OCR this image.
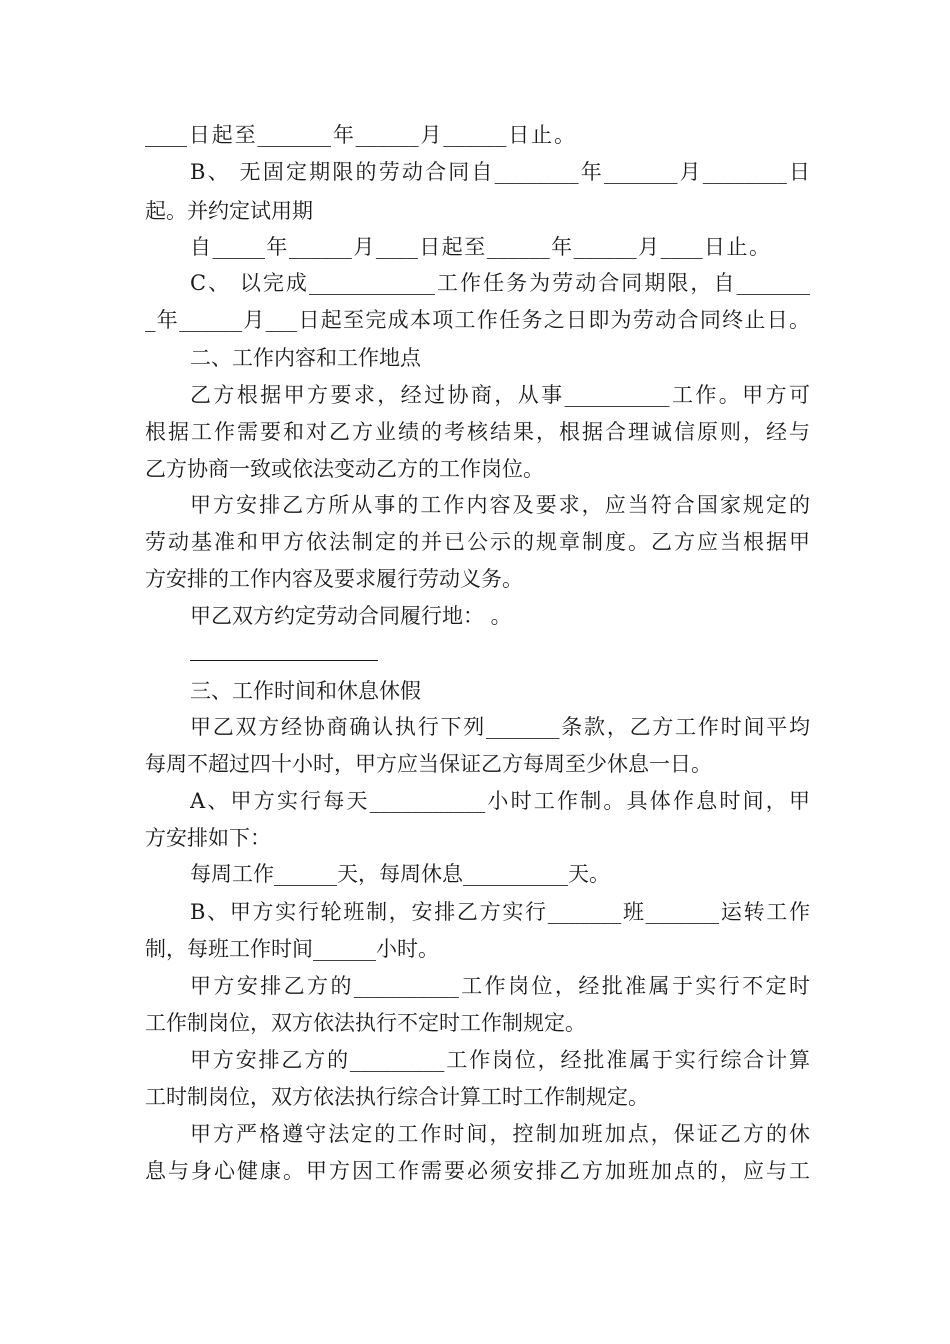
____日起至_______年______月______日止。
B、 无固定期限的劳动合同自________年_______月________日
起。并约定试用期
自_____年______月____日起至______年______月____日止。
C、 以完成____________工作任务为劳动合同期限，自_______
_年______月___日起至完成本项工作任务之日即为劳动合同终止日。
二、工作内容和工作地点
乙方根据甲方要求，经过协商，从事__________工作。甲方可
根据工作需要和对乙方业绩的考核结果，根据合理诚信原则，经与
乙方协商一致或依法变动乙方的工作岗位。
甲方安排乙方所从事的工作内容及要求，应当符合国家规定的
劳动基准和甲方依法制定的并已公示的规章制度。乙方应当根据甲
方安排的工作内容及要求履行劳动义务。
甲乙双方约定劳动合同履行地： 。
三、工作时间和休息休假
甲乙双方经协商确认执行下列_______条款，乙方工作时间平均
每周不超过四十小时，甲方应当保证乙方每周至少休息一日。
A、甲方实行每天___________小时工作制。具体作息时间，甲
方安排如下：
每周工作______天，每周休息__________天。
B、甲方实行轮班制，安排乙方实行_______班_______运转工作
制，每班工作时间______小时。
甲方安排乙方的__________工作岗位，经批准属于实行不定时
工作制岗位，双方依法执行不定时工作制规定。
甲方安排乙方的_________工作岗位，经批准属于实行综合计算
工时制岗位，双方依法执行综合计算工时工作制规定。
甲方严格遵守法定的工作时间，控制加班加点，保证乙方的休
息与身心健康。甲方因工作需要必须安排乙方加班加点的，应与工
